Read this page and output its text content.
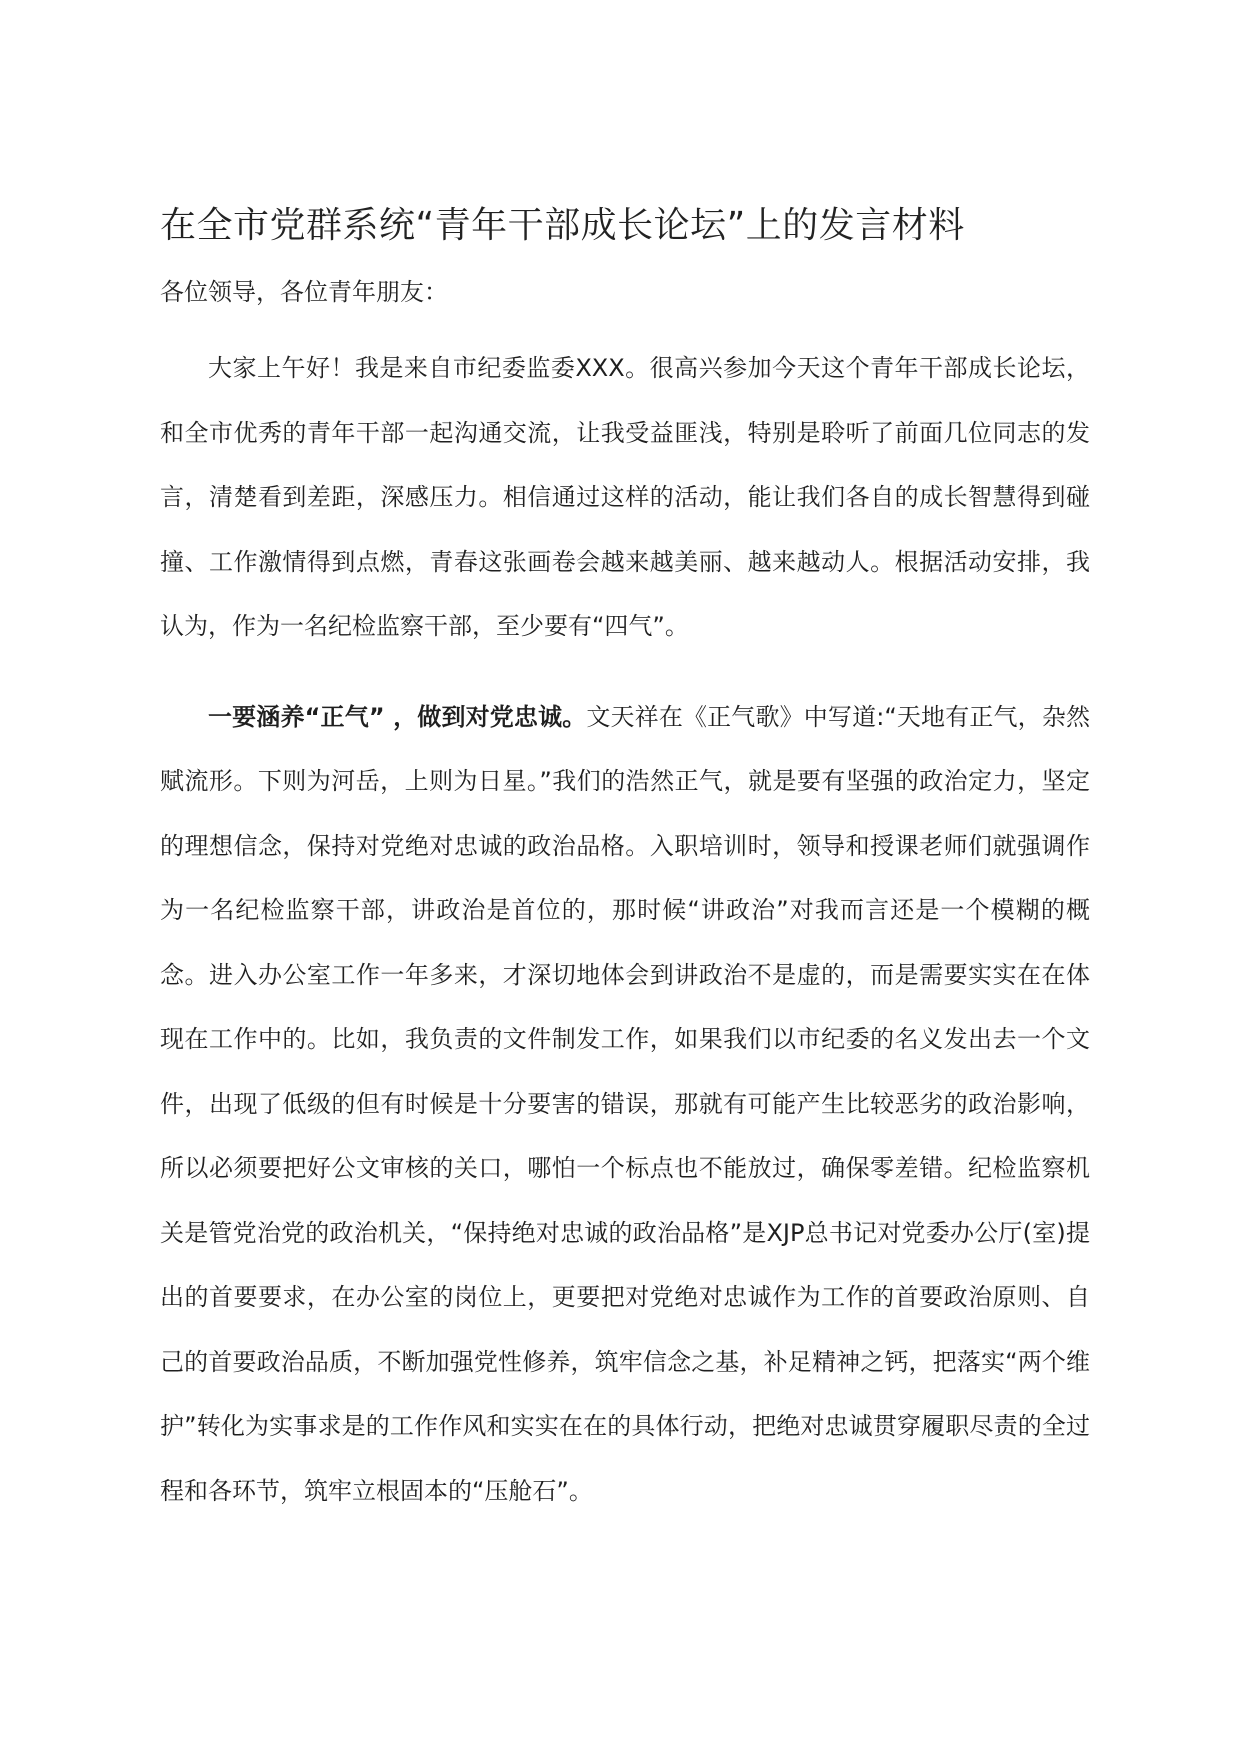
在全市党群系统“青年干部成长论坛”上的发言材料

各位领导，各位青年朋友：

大家上午好！我是来自市纪委监委XXX。很高兴参加今天这个青年干部成长论坛，和全市优秀的青年干部一起沟通交流，让我受益匪浅，特别是聆听了前面几位同志的发言，清楚看到差距，深感压力。相信通过这样的活动，能让我们各自的成长智慧得到碰撞、工作激情得到点燃，青春这张画卷会越来越美丽、越来越动人。根据活动安排，我认为，作为一名纪检监察干部，至少要有“四气”。

一要涵养“正气” ，做到对党忠诚。文天祥在《正气歌》中写道:“天地有正气，杂然赋流形。下则为河岳，上则为日星。”我们的浩然正气，就是要有坚强的政治定力，坚定的理想信念，保持对党绝对忠诚的政治品格。入职培训时，领导和授课老师们就强调作为一名纪检监察干部，讲政治是首位的，那时候“讲政治”对我而言还是一个模糊的概念。进入办公室工作一年多来，才深切地体会到讲政治不是虚的，而是需要实实在在体现在工作中的。比如，我负责的文件制发工作，如果我们以市纪委的名义发出去一个文件，出现了低级的但有时候是十分要害的错误，那就有可能产生比较恶劣的政治影响，所以必须要把好公文审核的关口，哪怕一个标点也不能放过，确保零差错。纪检监察机关是管党治党的政治机关，“保持绝对忠诚的政治品格”是XJP总书记对党委办公厅(室)提出的首要要求，在办公室的岗位上，更要把对党绝对忠诚作为工作的首要政治原则、自己的首要政治品质，不断加强党性修养，筑牢信念之基，补足精神之钙，把落实“两个维护”转化为实事求是的工作作风和实实在在的具体行动，把绝对忠诚贯穿履职尽责的全过程和各环节，筑牢立根固本的“压舱石”。
